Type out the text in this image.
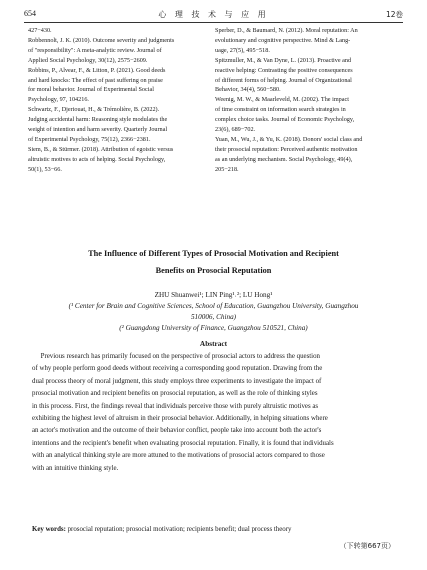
654	心 理 技 术 与 应 用	12卷
427−430.
Robbennolt, J. K. (2010). Outcome severity and judgments
of "responsibility": A meta-analytic review. Journal of
Applied Social Psychology, 30(12), 2575−2609.
Robbins, P., Alvear, F., & Litton, P. (2021). Good deeds
and hard knocks: The effect of past suffering on praise
for moral behavior. Journal of Experimental Social
Psychology, 97, 104216.
Schwartz, F., Djeriouat, H., & Trémolière, B. (2022).
Judging accidental harm: Reasoning style modulates the
weight of intention and harm severity. Quarterly Journal
of Experimental Psychology, 75(12), 2366−2381.
Siem, B., & Stürmer. (2018). Attribution of egoistic versus
altruistic motives to acts of helping. Social Psychology,
50(1), 53−66.
Sperber, D., & Baumard, N. (2012). Moral reputation: An
evolutionary and cognitive perspective. Mind & Lang-
uage, 27(5), 495−518.
Spitzmuller, M., & Van Dyne, L. (2013). Proactive and
reactive helping: Contrasting the positive consequences
of different forms of helping. Journal of Organizational
Behavior, 34(4), 560−580.
Weenig, M. W., & Maarleveld, M. (2002). The impact
of time constraint on information search strategies in
complex choice tasks. Journal of Economic Psychology,
23(6), 689−702.
Yuan, M., Wu, J., & Yu, K. (2018). Donors' social class and
their prosocial reputation: Perceived authentic motivation
as an underlying mechanism. Social Psychology, 49(4),
205−218.
The Influence of Different Types of Prosocial Motivation and Recipient
Benefits on Prosocial Reputation
ZHU Shuanwei¹; LIN Ping¹˒²; LU Hong¹
(¹ Center for Brain and Cognitive Sciences, School of Education, Guangzhou University, Guangzhou
510006, China)
(² Guangdong University of Finance, Guangzhou 510521, China)
Abstract
Previous research has primarily focused on the perspective of prosocial actors to address the question
of why people perform good deeds without receiving a corresponding good reputation. Drawing from the
dual process theory of moral judgment, this study employs three experiments to investigate the impact of
prosocial motivation and recipient benefits on prosocial reputation, as well as the role of thinking styles
in this process. First, the findings reveal that individuals perceive those with purely altruistic motives as
exhibiting the highest level of altruism in their prosocial behavior. Additionally, in helping situations where
an actor's motivation and the outcome of their behavior conflict, people take into account both the actor's
intentions and the recipient's benefit when evaluating prosocial reputation. Finally, it is found that individuals
with an analytical thinking style are more attuned to the motivations of prosocial actors compared to those
with an intuitive thinking style.
Key words: prosocial reputation; prosocial motivation; recipients benefit; dual process theory
（下转第667页）
